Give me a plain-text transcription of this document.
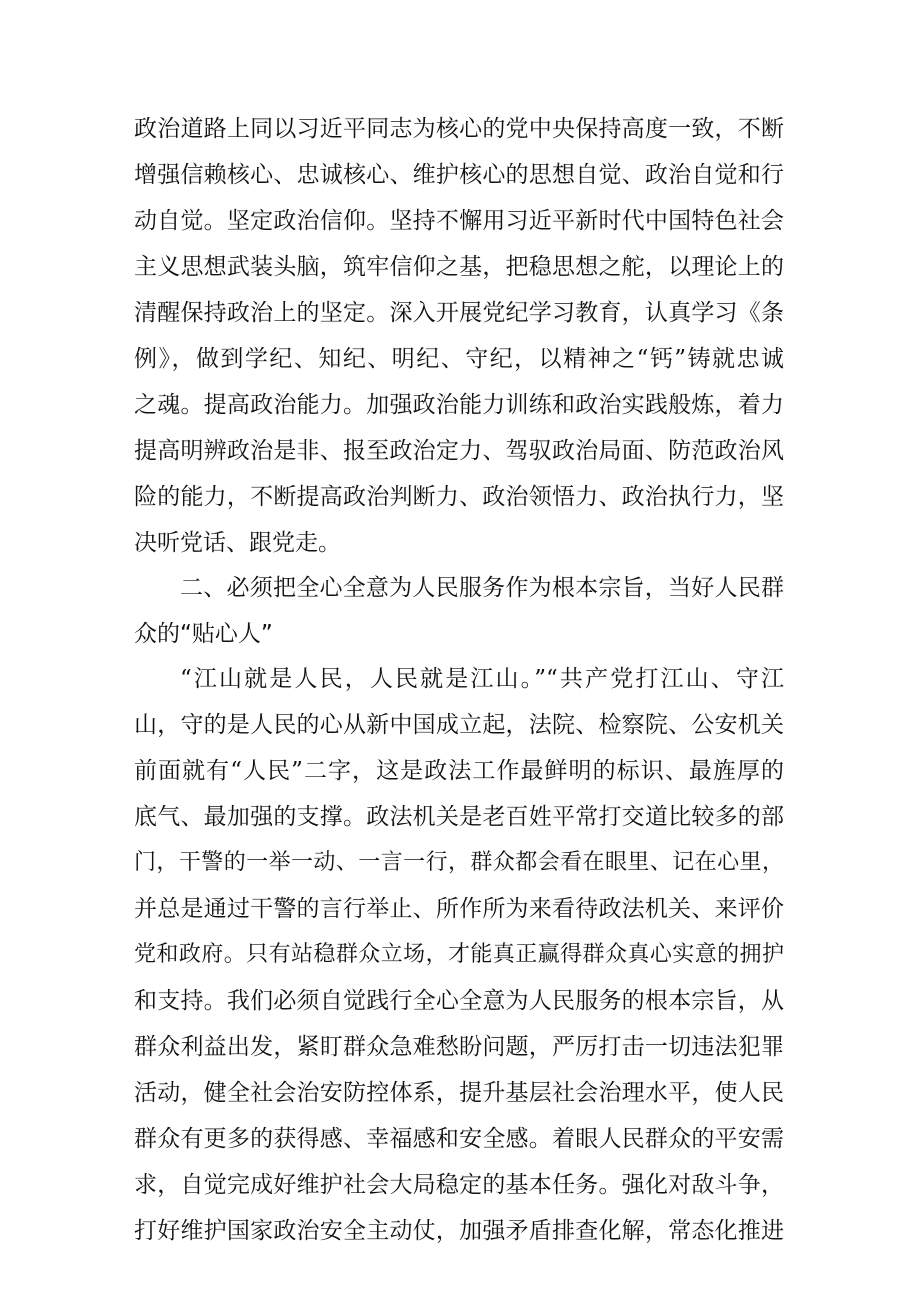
政治道路上同以习近平同志为核心的党中央保持高度一致，不断
增强信赖核心、忠诚核心、维护核心的思想自觉、政治自觉和行
动自觉。坚定政治信仰。坚持不懈用习近平新时代中国特色社会
主义思想武装头脑，筑牢信仰之基，把稳思想之舵，以理论上的
清醒保持政治上的坚定。深入开展党纪学习教育，认真学习《条
例》，做到学纪、知纪、明纪、守纪，以精神之“钙”铸就忠诚
之魂。提高政治能力。加强政治能力训练和政治实践般炼，着力
提高明辨政治是非、报至政治定力、驾驭政治局面、防范政治风
险的能力，不断提高政治判断力、政治领悟力、政治执行力，坚
决听党话、跟党走。
二、必须把全心全意为人民服务作为根本宗旨，当好人民群
众的“贴心人”
“江山就是人民，人民就是江山。”“共产党打江山、守江
山，守的是人民的心从新中国成立起，法院、检察院、公安机关
前面就有“人民”二字，这是政法工作最鲜明的标识、最旌厚的
底气、最加强的支撑。政法机关是老百姓平常打交道比较多的部
门，干警的一举一动、一言一行，群众都会看在眼里、记在心里，
并总是通过干警的言行举止、所作所为来看待政法机关、来评价
党和政府。只有站稳群众立场，才能真正赢得群众真心实意的拥护
和支持。我们必须自觉践行全心全意为人民服务的根本宗旨，从
群众利益出发，紧盯群众急难愁盼问题，严厉打击一切违法犯罪
活动，健全社会治安防控体系，提升基层社会治理水平，使人民
群众有更多的获得感、幸福感和安全感。着眼人民群众的平安需
求，自觉完成好维护社会大局稳定的基本任务。强化对敌斗争，
打好维护国家政治安全主动仗，加强矛盾排查化解，常态化推进
